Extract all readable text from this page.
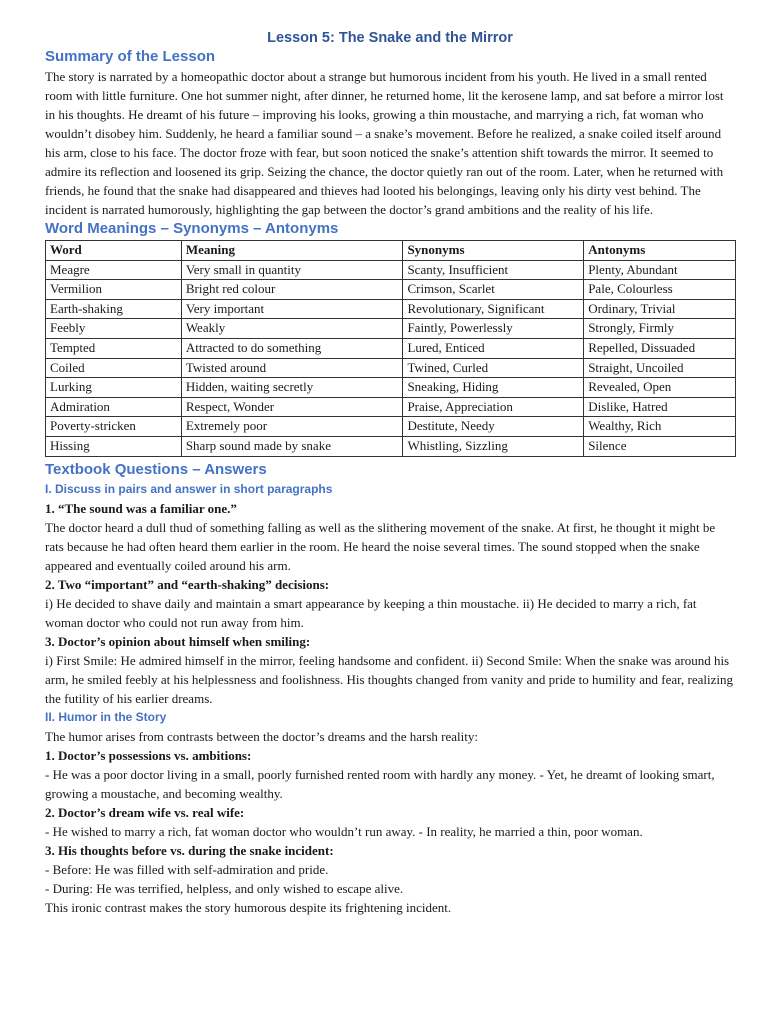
Lesson 5: The Snake and the Mirror
Summary of the Lesson

The story is narrated by a homeopathic doctor about a strange but humorous incident from his youth. He lived in a small rented room with little furniture. One hot summer night, after dinner, he returned home, lit the kerosene lamp, and sat before a mirror lost in his thoughts. He dreamt of his future – improving his looks, growing a thin moustache, and marrying a rich, fat woman who wouldn’t disobey him. Suddenly, he heard a familiar sound – a snake’s movement. Before he realized, a snake coiled itself around his arm, close to his face. The doctor froze with fear, but soon noticed the snake’s attention shift towards the mirror. It seemed to admire its reflection and loosened its grip. Seizing the chance, the doctor quietly ran out of the room. Later, when he returned with friends, he found that the snake had disappeared and thieves had looted his belongings, leaving only his dirty vest behind. The incident is narrated humorously, highlighting the gap between the doctor’s grand ambitions and the reality of his life.

Word Meanings – Synonyms – Antonyms
Word	Meaning	Synonyms	Antonyms
Meagre	Very small in quantity	Scanty, Insufficient	Plenty, Abundant
Vermilion	Bright red colour	Crimson, Scarlet	Pale, Colourless
Earth-shaking	Very important	Revolutionary, Significant	Ordinary, Trivial
Feebly	Weakly	Faintly, Powerlessly	Strongly, Firmly
Tempted	Attracted to do something	Lured, Enticed	Repelled, Dissuaded
Coiled	Twisted around	Twined, Curled	Straight, Uncoiled
Lurking	Hidden, waiting secretly	Sneaking, Hiding	Revealed, Open
Admiration	Respect, Wonder	Praise, Appreciation	Dislike, Hatred
Poverty-stricken	Extremely poor	Destitute, Needy	Wealthy, Rich
Hissing	Sharp sound made by snake	Whistling, Sizzling	Silence
Textbook Questions – Answers
I. Discuss in pairs and answer in short paragraphs

1. “The sound was a familiar one.”

The doctor heard a dull thud of something falling as well as the slithering movement of the snake. At first, he thought it might be rats because he had often heard them earlier in the room. He heard the noise several times. The sound stopped when the snake appeared and eventually coiled around his arm.

2. Two “important” and “earth-shaking” decisions:

i) He decided to shave daily and maintain a smart appearance by keeping a thin moustache. ii) He decided to marry a rich, fat woman doctor who could not run away from him.

3. Doctor’s opinion about himself when smiling:

i) First Smile: He admired himself in the mirror, feeling handsome and confident. ii) Second Smile: When the snake was around his arm, he smiled feebly at his helplessness and foolishness. His thoughts changed from vanity and pride to humility and fear, realizing the futility of his earlier dreams.

II. Humor in the Story

The humor arises from contrasts between the doctor’s dreams and the harsh reality:

1. Doctor’s possessions vs. ambitions:

- He was a poor doctor living in a small, poorly furnished rented room with hardly any money. - Yet, he dreamt of looking smart, growing a moustache, and becoming wealthy.

2. Doctor’s dream wife vs. real wife:

- He wished to marry a rich, fat woman doctor who wouldn’t run away. - In reality, he married a thin, poor woman.

3. His thoughts before vs. during the snake incident:

- Before: He was filled with self-admiration and pride.

- During: He was terrified, helpless, and only wished to escape alive.

This ironic contrast makes the story humorous despite its frightening incident.
